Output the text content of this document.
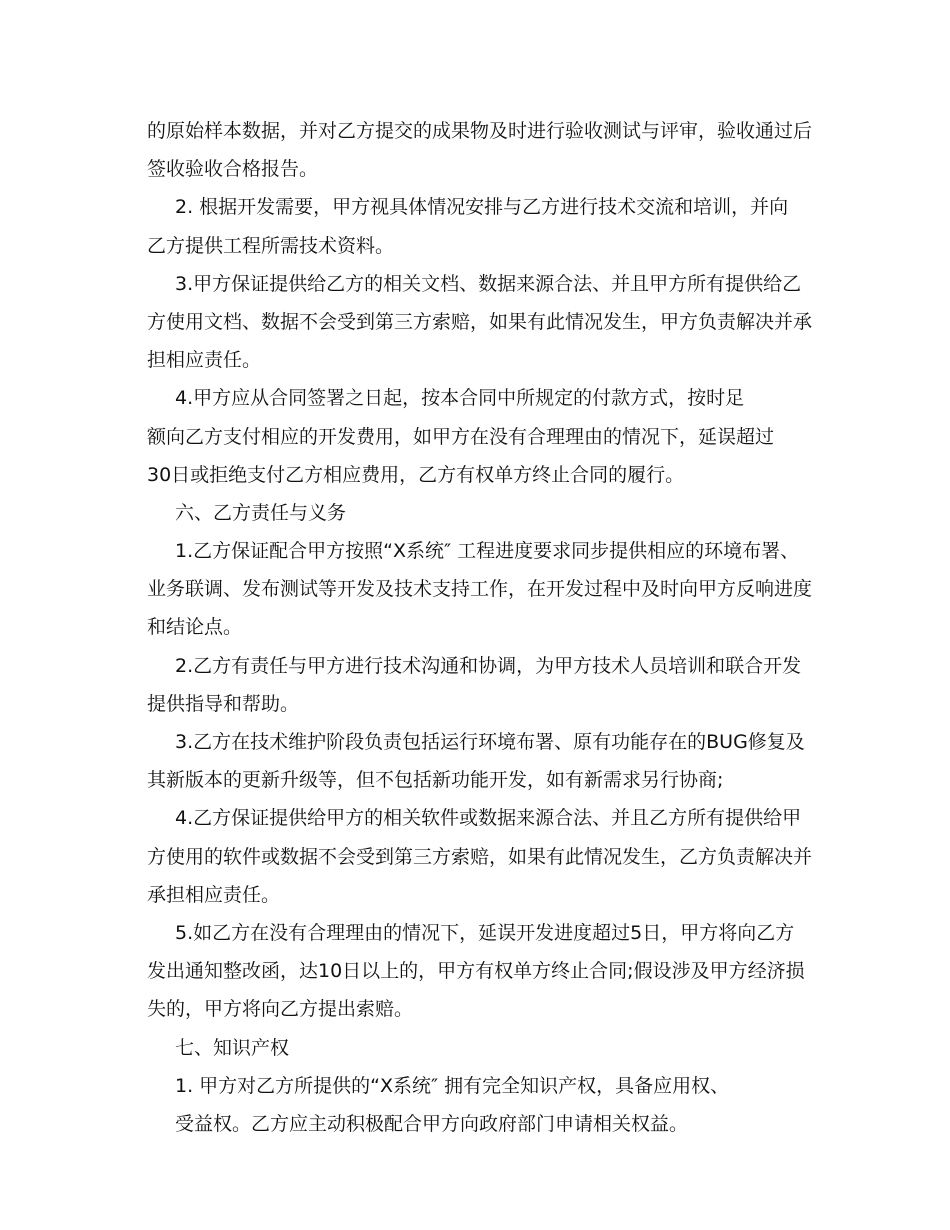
的原始样本数据，并对乙方提交的成果物及时进行验收测试与评审，验收通过后
签收验收合格报告。
2. 根据开发需要，甲方视具体情况安排与乙方进行技术交流和培训，并向
乙方提供工程所需技术资料。
3.甲方保证提供给乙方的相关文档、数据来源合法、并且甲方所有提供给乙
方使用文档、数据不会受到第三方索赔，如果有此情况发生，甲方负责解决并承
担相应责任。
4.甲方应从合同签署之日起，按本合同中所规定的付款方式，按时足
额向乙方支付相应的开发费用，如甲方在没有合理理由的情况下，延误超过
30日或拒绝支付乙方相应费用，乙方有权单方终止合同的履行。
六、乙方责任与义务
1.乙方保证配合甲方按照“X系统″ 工程进度要求同步提供相应的环境布署、
业务联调、发布测试等开发及技术支持工作，在开发过程中及时向甲方反响进度
和结论点。
2.乙方有责任与甲方进行技术沟通和协调，为甲方技术人员培训和联合开发
提供指导和帮助。
3.乙方在技术维护阶段负责包括运行环境布署、原有功能存在的BUG修复及
其新版本的更新升级等，但不包括新功能开发，如有新需求另行协商;
4.乙方保证提供给甲方的相关软件或数据来源合法、并且乙方所有提供给甲
方使用的软件或数据不会受到第三方索赔，如果有此情况发生，乙方负责解决并
承担相应责任。
5.如乙方在没有合理理由的情况下，延误开发进度超过5日，甲方将向乙方
发出通知整改函，达10日以上的，甲方有权单方终止合同;假设涉及甲方经济损
失的，甲方将向乙方提出索赔。
七、知识产权
1. 甲方对乙方所提供的“X系统″ 拥有完全知识产权，具备应用权、
受益权。乙方应主动积极配合甲方向政府部门申请相关权益。
